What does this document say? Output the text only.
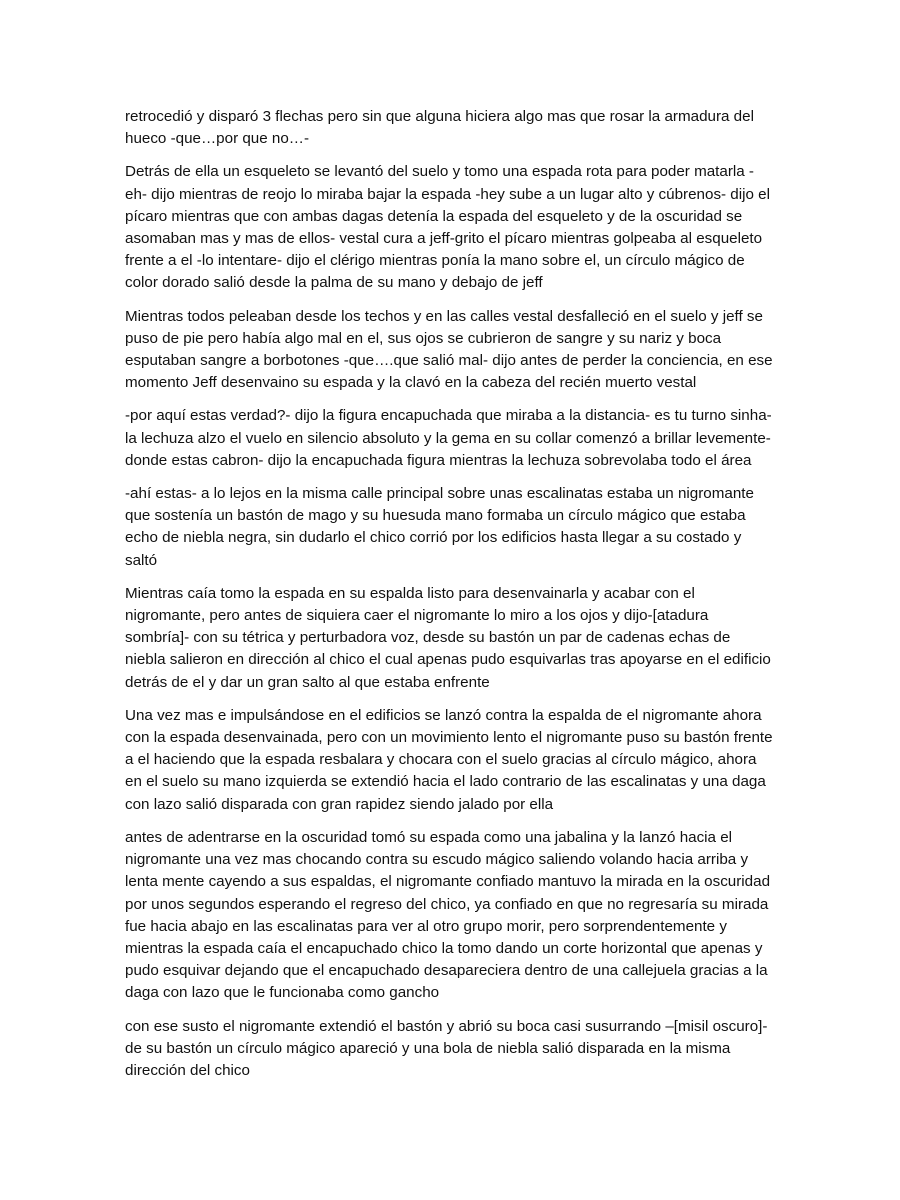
retrocedió y disparó 3 flechas pero sin que alguna hiciera algo mas que rosar la armadura del hueco -que…por que no…-

Detrás de ella un esqueleto se levantó del suelo y tomo una espada rota para poder matarla -eh- dijo mientras de reojo lo miraba bajar la espada -hey sube a un lugar alto y cúbrenos- dijo el pícaro mientras que con ambas dagas detenía la espada del esqueleto y de la oscuridad se asomaban mas y mas de ellos- vestal cura a jeff-grito el pícaro mientras golpeaba al esqueleto frente a el -lo intentare- dijo el clérigo mientras ponía la mano sobre el, un círculo mágico de color dorado salió desde la palma de su mano y debajo de jeff

Mientras todos peleaban desde los techos y en las calles vestal desfalleció en el suelo y jeff se puso de pie pero había algo mal en el, sus ojos se cubrieron de sangre y su nariz y boca esputaban sangre a borbotones -que….que salió mal- dijo antes de perder la conciencia, en ese momento Jeff desenvaino su espada y la clavó en la cabeza del recién muerto vestal

-por aquí estas verdad?- dijo la figura encapuchada que miraba a la distancia- es tu turno sinha- la lechuza alzo el vuelo en silencio absoluto y la gema en su collar comenzó a brillar levemente- donde estas cabron- dijo la encapuchada figura mientras la lechuza sobrevolaba todo el área

-ahí estas- a lo lejos en la misma calle principal sobre unas escalinatas estaba un nigromante que sostenía un bastón de mago y su huesuda mano formaba un círculo mágico que estaba echo de niebla negra, sin dudarlo el chico corrió por los edificios hasta llegar a su costado y saltó

Mientras caía tomo la espada en su espalda listo para desenvainarla y acabar con el nigromante, pero antes de siquiera caer el nigromante lo miro a los ojos y dijo-[atadura sombría]- con su tétrica y perturbadora voz, desde su bastón un par de cadenas echas de niebla salieron en dirección al chico el cual apenas pudo esquivarlas tras apoyarse en el edificio detrás de el y dar un gran salto al que estaba enfrente

Una vez mas e impulsándose en el edificios se lanzó contra la espalda de el nigromante ahora con la espada desenvainada, pero con un movimiento lento el nigromante puso su bastón frente a el haciendo que la espada resbalara y chocara con el suelo gracias al círculo mágico, ahora en el suelo su mano izquierda se extendió hacia el lado contrario de las escalinatas y una daga con lazo salió disparada con gran rapidez siendo jalado por ella

antes de adentrarse en la oscuridad tomó su espada como una jabalina y la lanzó hacia el nigromante una vez mas chocando contra su escudo mágico saliendo volando hacia arriba y lenta mente cayendo a sus espaldas, el nigromante confiado mantuvo la mirada en la oscuridad por unos segundos esperando el regreso del chico, ya confiado en que no regresaría su mirada fue hacia abajo en las escalinatas para ver al otro grupo morir, pero sorprendentemente y mientras la espada caía el encapuchado chico la tomo dando un corte horizontal que apenas y pudo esquivar dejando que el encapuchado desapareciera dentro de una callejuela gracias a la daga con lazo que le funcionaba como gancho

con ese susto el nigromante extendió el bastón y abrió su boca casi susurrando –[misil oscuro]- de su bastón un círculo mágico apareció y una bola de niebla salió disparada en la misma dirección del chico
